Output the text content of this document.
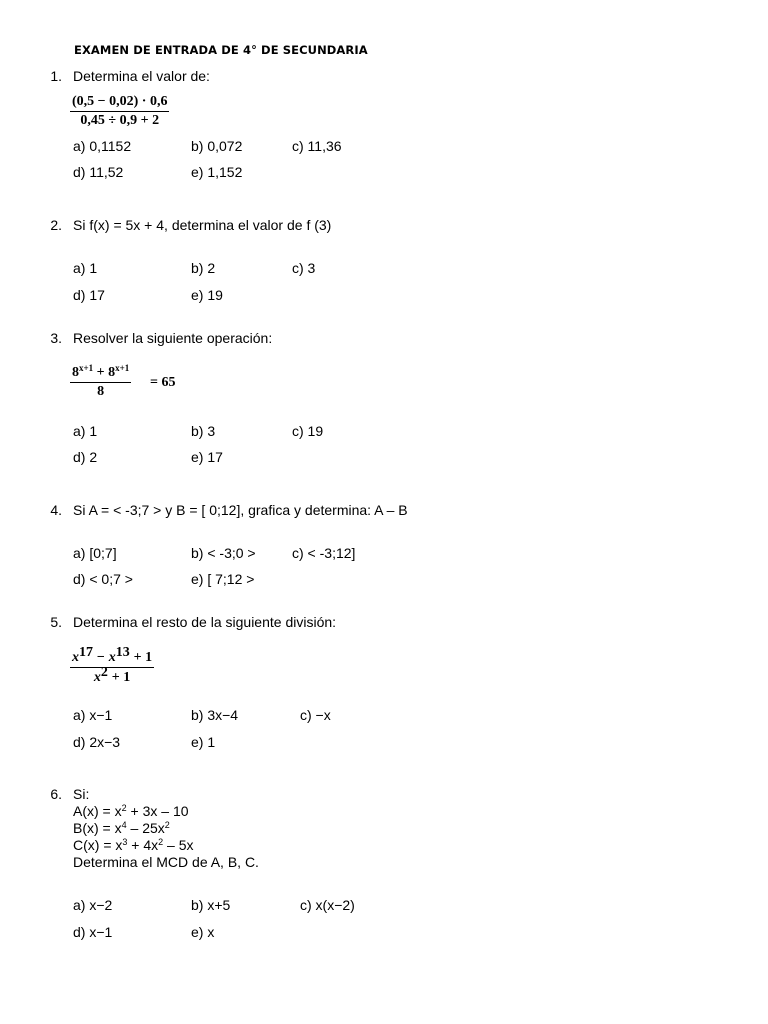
EXAMEN DE ENTRADA DE 4° DE SECUNDARIA
1. Determina el valor de:
(0,5 − 0,02) · 0,6
0,45 ÷ 0,9 + 2
a) 0,1152	b) 0,072	c) 11,36
d) 11,52	e) 1,152
2. Si f(x) = 5x + 4, determina el valor de f (3)
a) 1	b) 2	c) 3
d) 17	e) 19
3. Resolver la siguiente operación:
$8^{x+1} + 8^{x+1}$
8
= 65
a) 1	b) 3	c) 19
d) 2	e) 17
4. Si A = < -3;7 > y B = [ 0;12], grafica y determina: A – B
a) [0;7]	b) < -3;0 >	c) < -3;12]
d) < 0;7 >	e) [ 7;12 >
5. Determina el resto de la siguiente división:
$x^{17} - x^{13} + 1$
$x^2 + 1$
a) x−1	b) 3x−4	c) −x
d) 2x−3	e) 1
6. Si:
$A(x) = x^2 + 3x - 10$
$B(x) = x^4 - 25x^2$
$C(x) = x^3 + 4x^2 - 5x$
Determina el MCD de A, B, C.
a) x−2	b) x+5	c) x(x−2)
d) x−1	e) x
